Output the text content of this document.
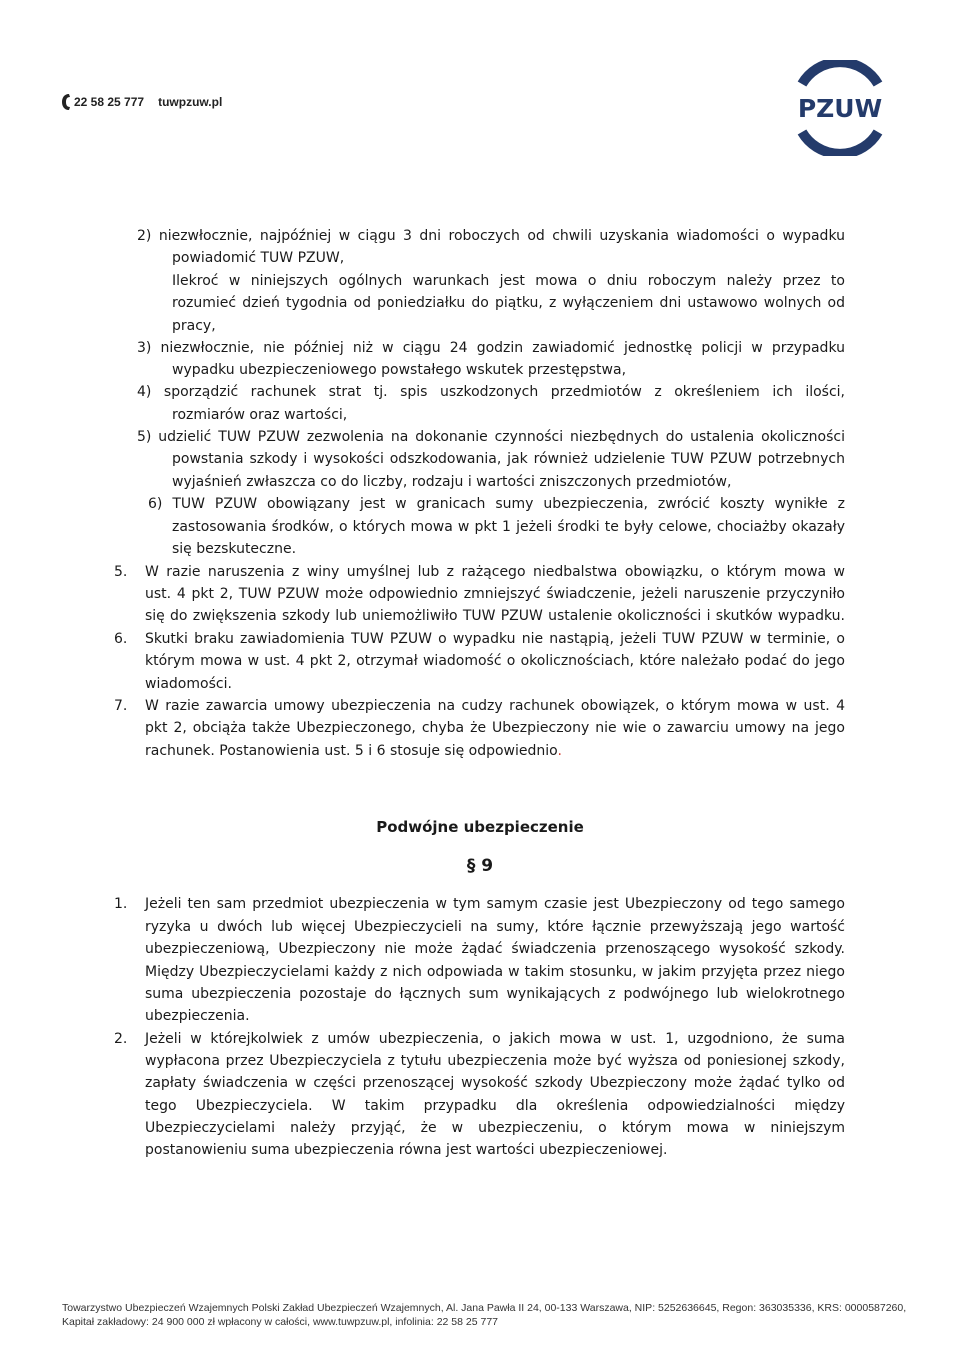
22 58 25 777 tuwpzuw.pl	PZUW
2) niezwłocznie, najpóźniej w ciągu 3 dni roboczych od chwili uzyskania wiadomości o wypadku
powiadomić TUW PZUW,
Ilekroć w niniejszych ogólnych warunkach jest mowa o dniu roboczym należy przez to
rozumieć dzień tygodnia od poniedziałku do piątku, z wyłączeniem dni ustawowo wolnych od
pracy,
3) niezwłocznie, nie później niż w ciągu 24 godzin zawiadomić jednostkę policji w przypadku
wypadku ubezpieczeniowego powstałego wskutek przestępstwa,
4) sporządzić rachunek strat tj. spis uszkodzonych przedmiotów z określeniem ich ilości,
rozmiarów oraz wartości,
5) udzielić TUW PZUW zezwolenia na dokonanie czynności niezbędnych do ustalenia okoliczności
powstania szkody i wysokości odszkodowania, jak również udzielenie TUW PZUW potrzebnych
wyjaśnień zwłaszcza co do liczby, rodzaju i wartości zniszczonych przedmiotów,
6) TUW PZUW obowiązany jest w granicach sumy ubezpieczenia, zwrócić koszty wynikłe z
zastosowania środków, o których mowa w pkt 1 jeżeli środki te były celowe, chociażby okazały
się bezskuteczne.
5. W razie naruszenia z winy umyślnej lub z rażącego niedbalstwa obowiązku, o którym mowa w
ust. 4 pkt 2, TUW PZUW może odpowiednio zmniejszyć świadczenie, jeżeli naruszenie przyczyniło
się do zwiększenia szkody lub uniemożliwiło TUW PZUW ustalenie okoliczności i skutków wypadku.
6. Skutki braku zawiadomienia TUW PZUW o wypadku nie nastąpią, jeżeli TUW PZUW w terminie, o
którym mowa w ust. 4 pkt 2, otrzymał wiadomość o okolicznościach, które należało podać do jego
wiadomości.
7. W razie zawarcia umowy ubezpieczenia na cudzy rachunek obowiązek, o którym mowa w ust. 4
pkt 2, obciąża także Ubezpieczonego, chyba że Ubezpieczony nie wie o zawarciu umowy na jego
rachunek. Postanowienia ust. 5 i 6 stosuje się odpowiednio.
Podwójne ubezpieczenie
§ 9
1. Jeżeli ten sam przedmiot ubezpieczenia w tym samym czasie jest Ubezpieczony od tego samego
ryzyka u dwóch lub więcej Ubezpieczycieli na sumy, które łącznie przewyższają jego wartość
ubezpieczeniową, Ubezpieczony nie może żądać świadczenia przenoszącego wysokość szkody.
Między Ubezpieczycielami każdy z nich odpowiada w takim stosunku, w jakim przyjęta przez niego
suma ubezpieczenia pozostaje do łącznych sum wynikających z podwójnego lub wielokrotnego
ubezpieczenia.
2. Jeżeli w którejkolwiek z umów ubezpieczenia, o jakich mowa w ust. 1, uzgodniono, że suma
wypłacona przez Ubezpieczyciela z tytułu ubezpieczenia może być wyższa od poniesionej szkody,
zapłaty świadczenia w części przenoszącej wysokość szkody Ubezpieczony może żądać tylko od
tego Ubezpieczyciela. W takim przypadku dla określenia odpowiedzialności między
Ubezpieczycielami należy przyjąć, że w ubezpieczeniu, o którym mowa w niniejszym
postanowieniu suma ubezpieczenia równa jest wartości ubezpieczeniowej.
Towarzystwo Ubezpieczeń Wzajemnych Polski Zakład Ubezpieczeń Wzajemnych, Al. Jana Pawła II 24, 00-133 Warszawa, NIP: 5252636645, Regon: 363035336, KRS: 0000587260,
Kapitał zakładowy: 24 900 000 zł wpłacony w całości, www.tuwpzuw.pl, infolinia: 22 58 25 777
